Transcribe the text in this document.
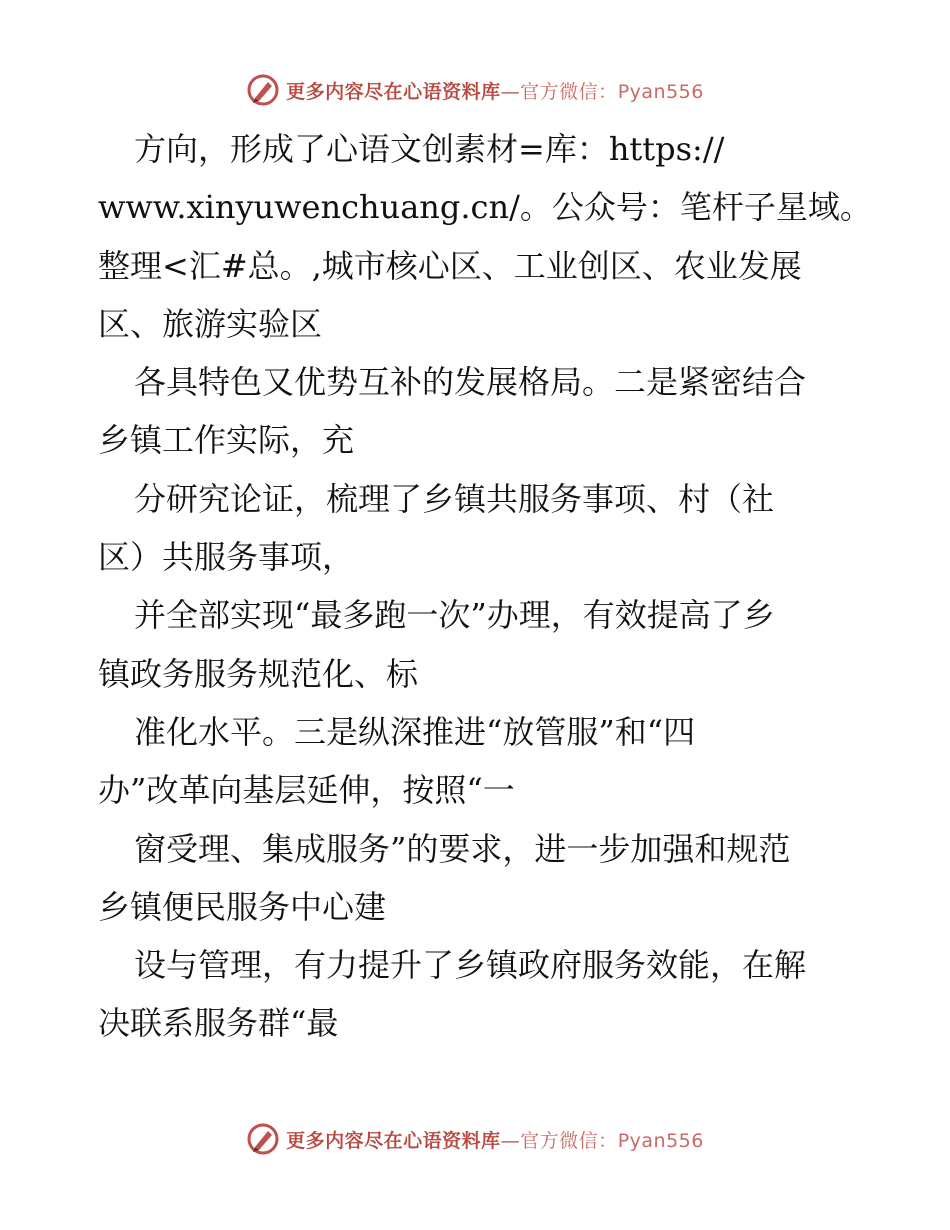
更多内容尽在心语资料库—官方微信：Pyan556
方向，形成了心语文创素材=库：https://
www.xinyuwenchuang.cn/。公众号：笔杆子星域。
整理<汇#总。,城市核心区、工业创区、农业发展
区、旅游实验区
各具特色又优势互补的发展格局。二是紧密结合
乡镇工作实际，充
分研究论证，梳理了乡镇共服务事项、村（社
区）共服务事项，
并全部实现“最多跑一次”办理，有效提高了乡
镇政务服务规范化、标
准化水平。三是纵深推进“放管服”和“四
办”改革向基层延伸，按照“一
窗受理、集成服务”的要求，进一步加强和规范
乡镇便民服务中心建
设与管理，有力提升了乡镇政府服务效能，在解
决联系服务群“最
更多内容尽在心语资料库—官方微信：Pyan556
